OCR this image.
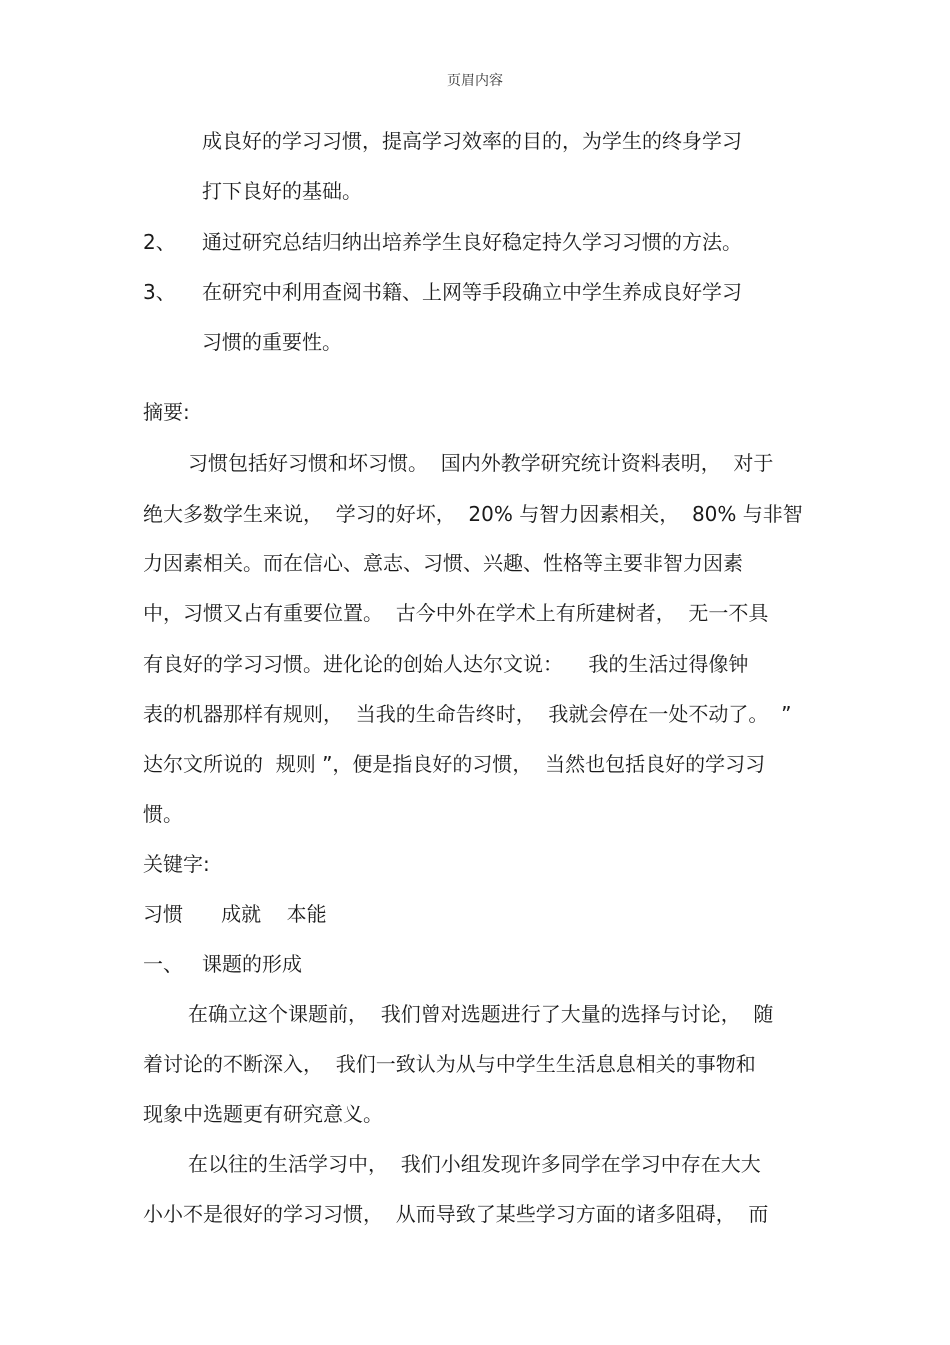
页眉内容
成良好的学习习惯，提高学习效率的目的，为学生的终身学习
打下良好的基础。
2、 通过研究总结归纳出培养学生良好稳定持久学习习惯的方法。
3、 在研究中利用查阅书籍、上网等手段确立中学生养成良好学习
习惯的重要性。
摘要:
习惯包括好习惯和坏习惯。  国内外教学研究统计资料表明，  对于
绝大多数学生来说，  学习的好坏，  20% 与智力因素相关，  80% 与非智
力因素相关。而在信心、意志、习惯、兴趣、性格等主要非智力因素
中，习惯又占有重要位置。  古今中外在学术上有所建树者，  无一不具
有良好的学习习惯。进化论的创始人达尔文说：    我的生活过得像钟
表的机器那样有规则，  当我的生命告终时，  我就会停在一处不动了。  ”
达尔文所说的  规则 ”，便是指良好的习惯，  当然也包括良好的学习习
惯。
关键字:
习惯      成就    本能
一、 课题的形成
在确立这个课题前，  我们曾对选题进行了大量的选择与讨论，  随
着讨论的不断深入，  我们一致认为从与中学生生活息息相关的事物和
现象中选题更有研究意义。
在以往的生活学习中，  我们小组发现许多同学在学习中存在大大
小小不是很好的学习习惯，  从而导致了某些学习方面的诸多阻碍，  而
